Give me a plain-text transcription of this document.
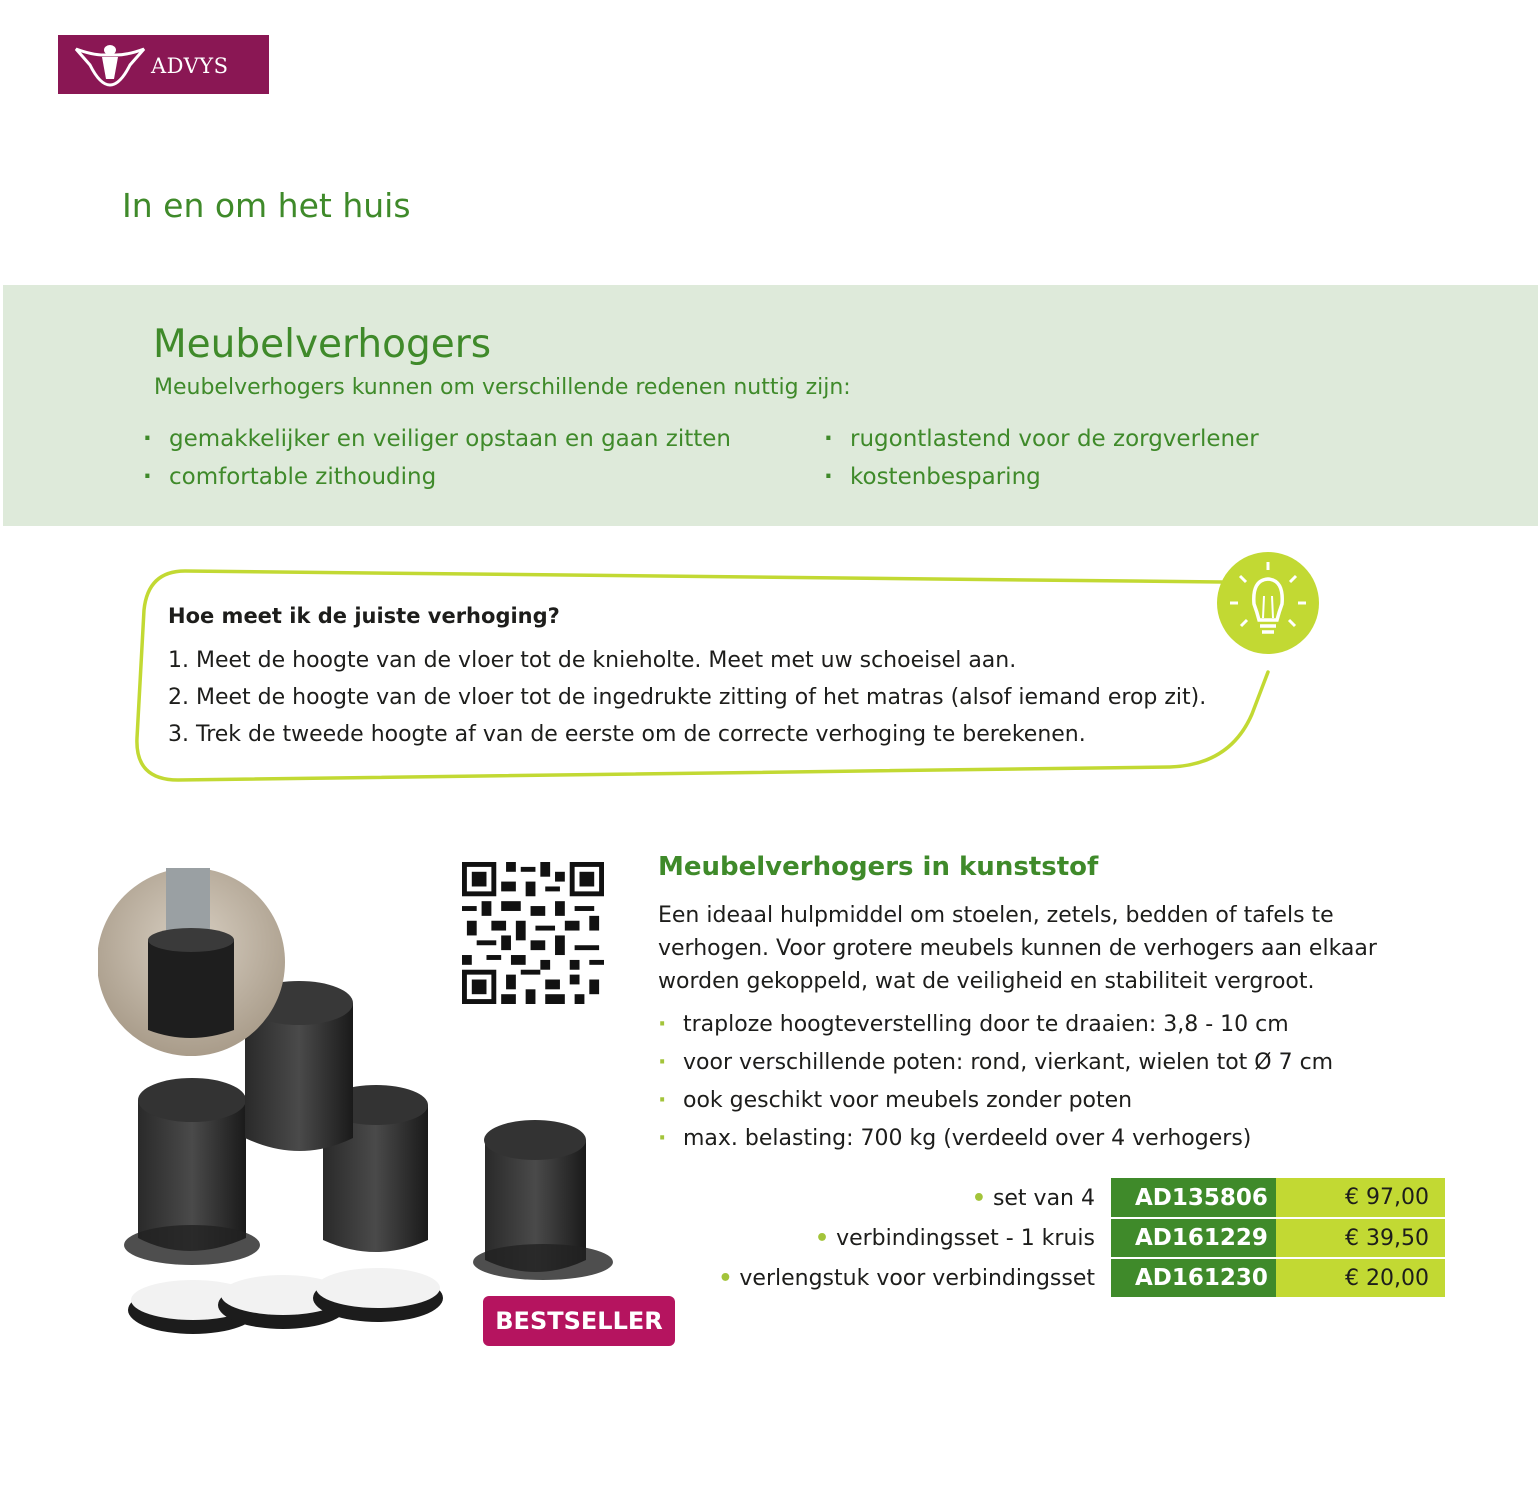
ADVYS
In en om het huis
Meubelverhogers
Meubelverhogers kunnen om verschillende redenen nuttig zijn:
· gemakkelijker en veiliger opstaan en gaan zitten
· comfortable zithouding
· rugontlastend voor de zorgverlener
· kostenbesparing
Hoe meet ik de juiste verhoging?
1. Meet de hoogte van de vloer tot de knieholte. Meet met uw schoeisel aan.
2. Meet de hoogte van de vloer tot de ingedrukte zitting of het matras (alsof iemand erop zit).
3. Trek de tweede hoogte af van de eerste om de correcte verhoging te berekenen.
BESTSELLER
Meubelverhogers in kunststof

Een ideaal hulpmiddel om stoelen, zetels, bedden of tafels te verhogen. Voor grotere meubels kunnen de verhogers aan elkaar worden gekoppeld, wat de veiligheid en stabiliteit vergroot.

· traploze hoogteverstelling door te draaien: 3,8 - 10 cm
· voor verschillende poten: rond, vierkant, wielen tot Ø 7 cm
· ook geschikt voor meubels zonder poten
· max. belasting: 700 kg (verdeeld over 4 verhogers)
• set van 4	AD135806	€ 97,00
• verbindingsset - 1 kruis	AD161229	€ 39,50
• verlengstuk voor verbindingsset	AD161230	€ 20,00
